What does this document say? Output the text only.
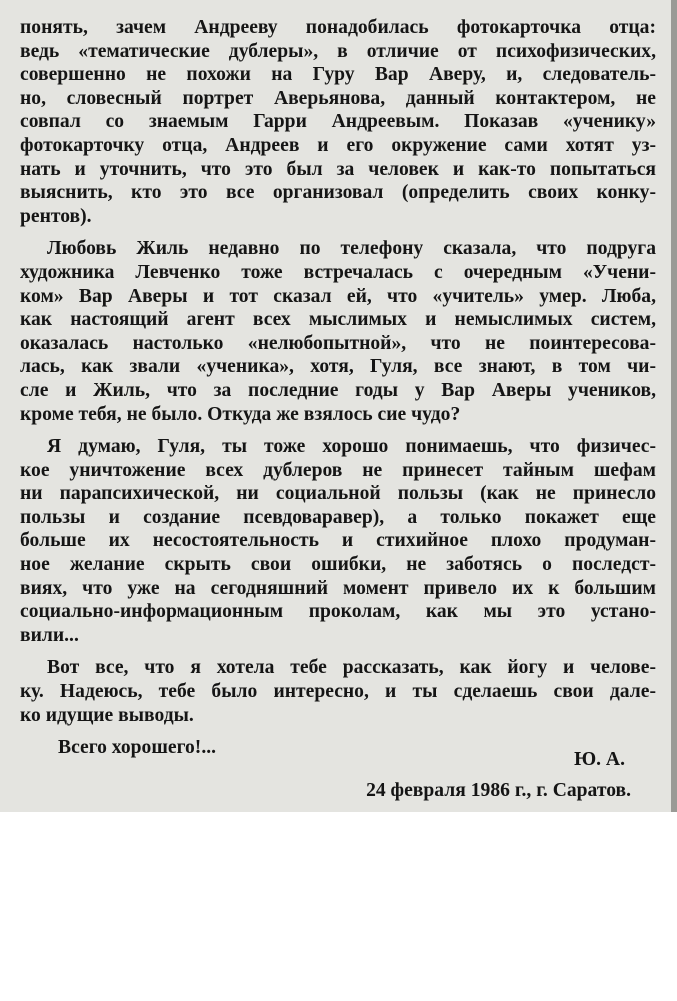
понять, зачем Андрееву понадобилась фотокарточка отца:
ведь «тематические дублеры», в отличие от психофизических,
совершенно не похожи на Гуру Вар Аверу, и, следователь-
но, словесный портрет Аверьянова, данный контактером, не
совпал со знаемым Гарри Андреевым. Показав «ученику»
фотокарточку отца, Андреев и его окружение сами хотят уз-
нать и уточнить, что это был за человек и как-то попытаться
выяснить, кто это все организовал (определить своих конку-
рентов).

Любовь Жиль недавно по телефону сказала, что подруга
художника Левченко тоже встречалась с очередным «Учени-
ком» Вар Аверы и тот сказал ей, что «учитель» умер. Люба,
как настоящий агент всех мыслимых и немыслимых систем,
оказалась настолько «нелюбопытной», что не поинтересова-
лась, как звали «ученика», хотя, Гуля, все знают, в том чи-
сле и Жиль, что за последние годы у Вар Аверы учеников,
кроме тебя, не было. Откуда же взялось сие чудо?

Я думаю, Гуля, ты тоже хорошо понимаешь, что физичес-
кое уничтожение всех дублеров не принесет тайным шефам
ни парапсихической, ни социальной пользы (как не принесло
пользы и создание псевдоваравер), а только покажет еще
больше их несостоятельность и стихийное плохо продуман-
ное желание скрыть свои ошибки, не заботясь о последст-
виях, что уже на сегодняшний момент привело их к большим
социально-информационным проколам, как мы это устано-
вили...

Вот все, что я хотела тебе рассказать, как йогу и челове-
ку. Надеюсь, тебе было интересно, и ты сделаешь свои дале-
ко идущие выводы.

Всего хорошего!...

Ю. А.
24 февраля 1986 г., г. Саратов.
